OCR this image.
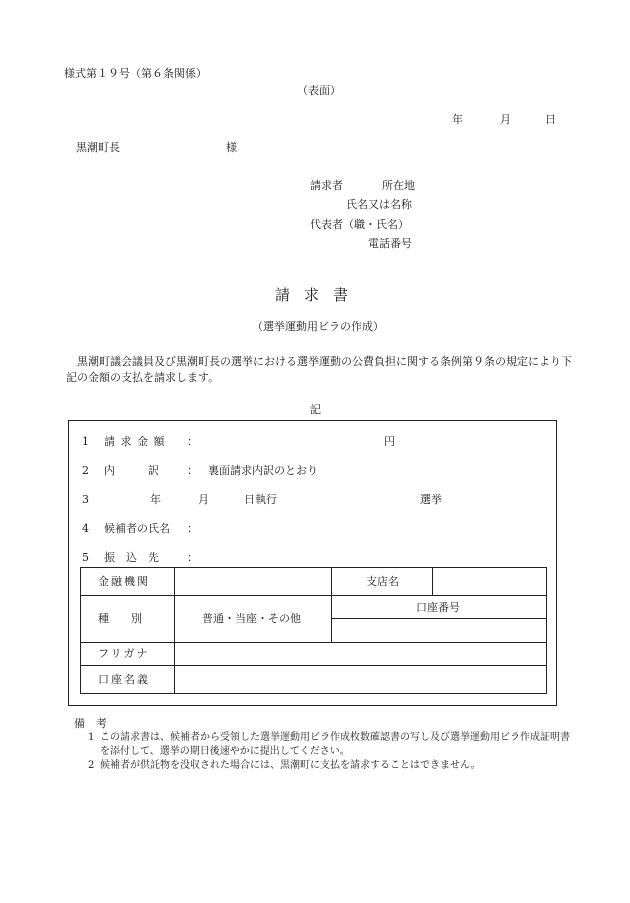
様式第１９号（第６条関係）
（表面）
年	月	日
黒潮町長	様
請求者	所在地
氏名又は名称
代表者（職・氏名）
電話番号
請求書
（選挙運動用ビラの作成）
黒潮町議会議員及び黒潮町長の選挙における選挙運動の公費負担に関する条例第９条の規定により下記の金額の支払を請求します。
記
1 請 求 金 額 ：	円
2 内　　　訳	： 裏面請求内訳のとおり
3	年	月	日執行	選挙
4 候補者の氏名 ：
5 振　込　先	：
金融機関	支店名
種　　別	普通・当座・その他
口座番号
フリガナ
口座名義
備　考
1 この請求書は、候補者から受領した選挙運動用ビラ作成枚数確認書の写し及び選挙運動用ビラ作成証明書を添付して、選挙の期日後速やかに提出してください。
2 候補者が供託物を没収された場合には、黒潮町に支払を請求することはできません。
